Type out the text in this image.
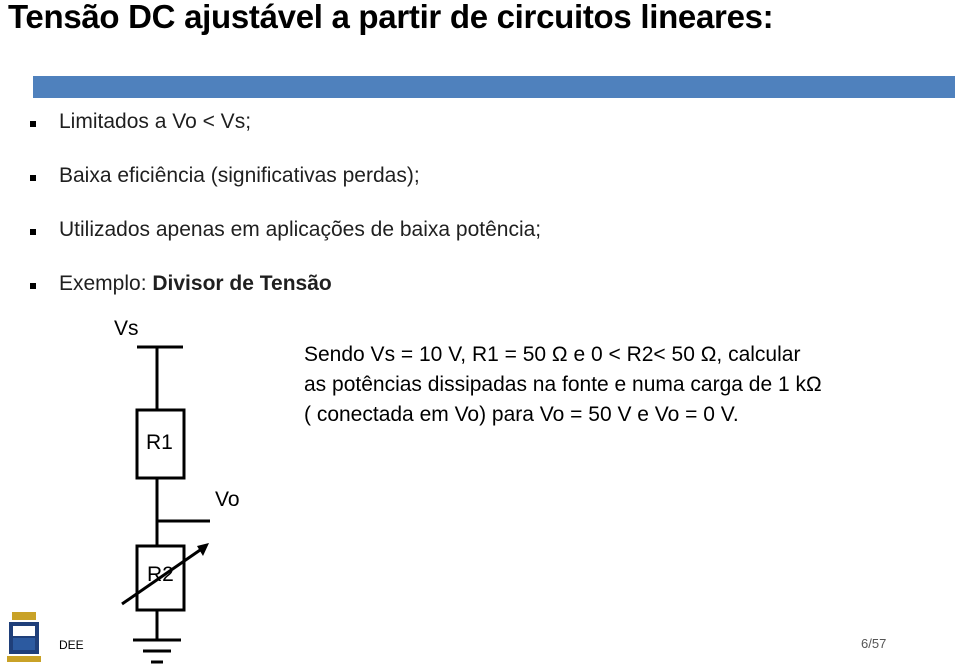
Tensão DC ajustável a partir de circuitos lineares:
Limitados a Vo < Vs;
Baixa eficiência (significativas perdas);
Utilizados apenas em aplicações de baixa potência;
Exemplo: Divisor de Tensão
Vs
R1
Vo
R2
Sendo Vs = 10 V, R1 = 50 Ω e 0 < R2< 50 Ω, calcular
as potências dissipadas na fonte e numa carga de 1 kΩ
( conectada em Vo) para Vo = 50 V e Vo = 0 V.
DEE	6/57
